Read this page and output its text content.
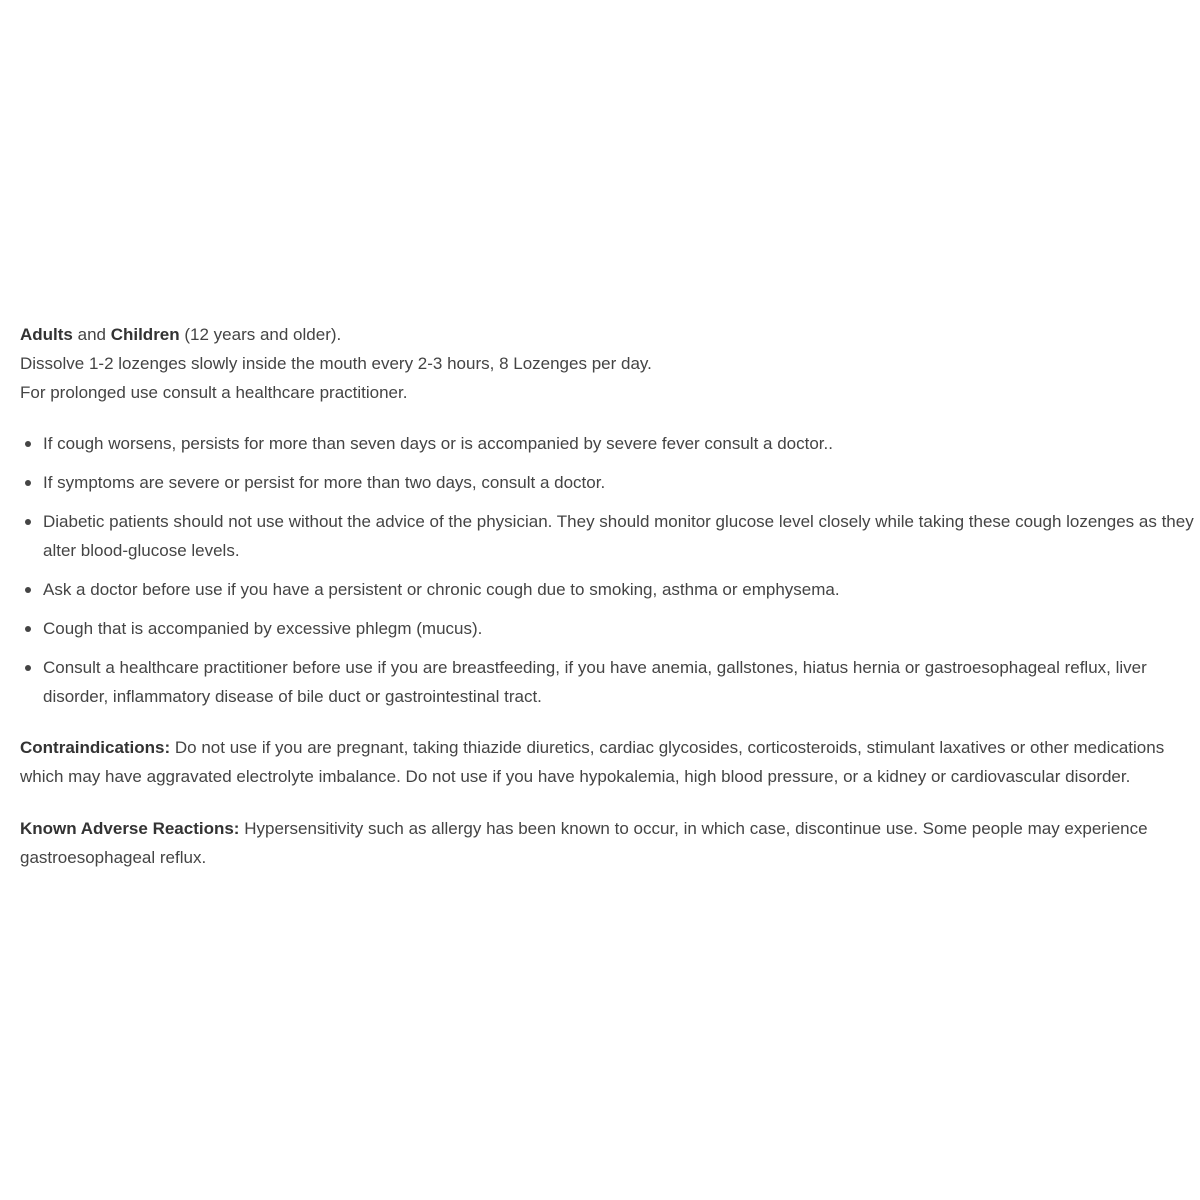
Adults and Children (12 years and older).

Dissolve 1-2 lozenges slowly inside the mouth every 2-3 hours, 8 Lozenges per day.

For prolonged use consult a healthcare practitioner.

If cough worsens, persists for more than seven days or is accompanied by severe fever consult a doctor..
If symptoms are severe or persist for more than two days, consult a doctor.
Diabetic patients should not use without the advice of the physician. They should monitor glucose level closely while taking these cough lozenges as they alter blood-glucose levels.
Ask a doctor before use if you have a persistent or chronic cough due to smoking, asthma or emphysema.
Cough that is accompanied by excessive phlegm (mucus).
Consult a healthcare practitioner before use if you are breastfeeding, if you have anemia, gallstones, hiatus hernia or gastroesophageal reflux, liver disorder, inflammatory disease of bile duct or gastrointestinal tract.

Contraindications: Do not use if you are pregnant, taking thiazide diuretics, cardiac glycosides, corticosteroids, stimulant laxatives or other medications which may have aggravated electrolyte imbalance. Do not use if you have hypokalemia, high blood pressure, or a kidney or cardiovascular disorder.

Known Adverse Reactions: Hypersensitivity such as allergy has been known to occur, in which case, discontinue use. Some people may experience gastroesophageal reflux.
